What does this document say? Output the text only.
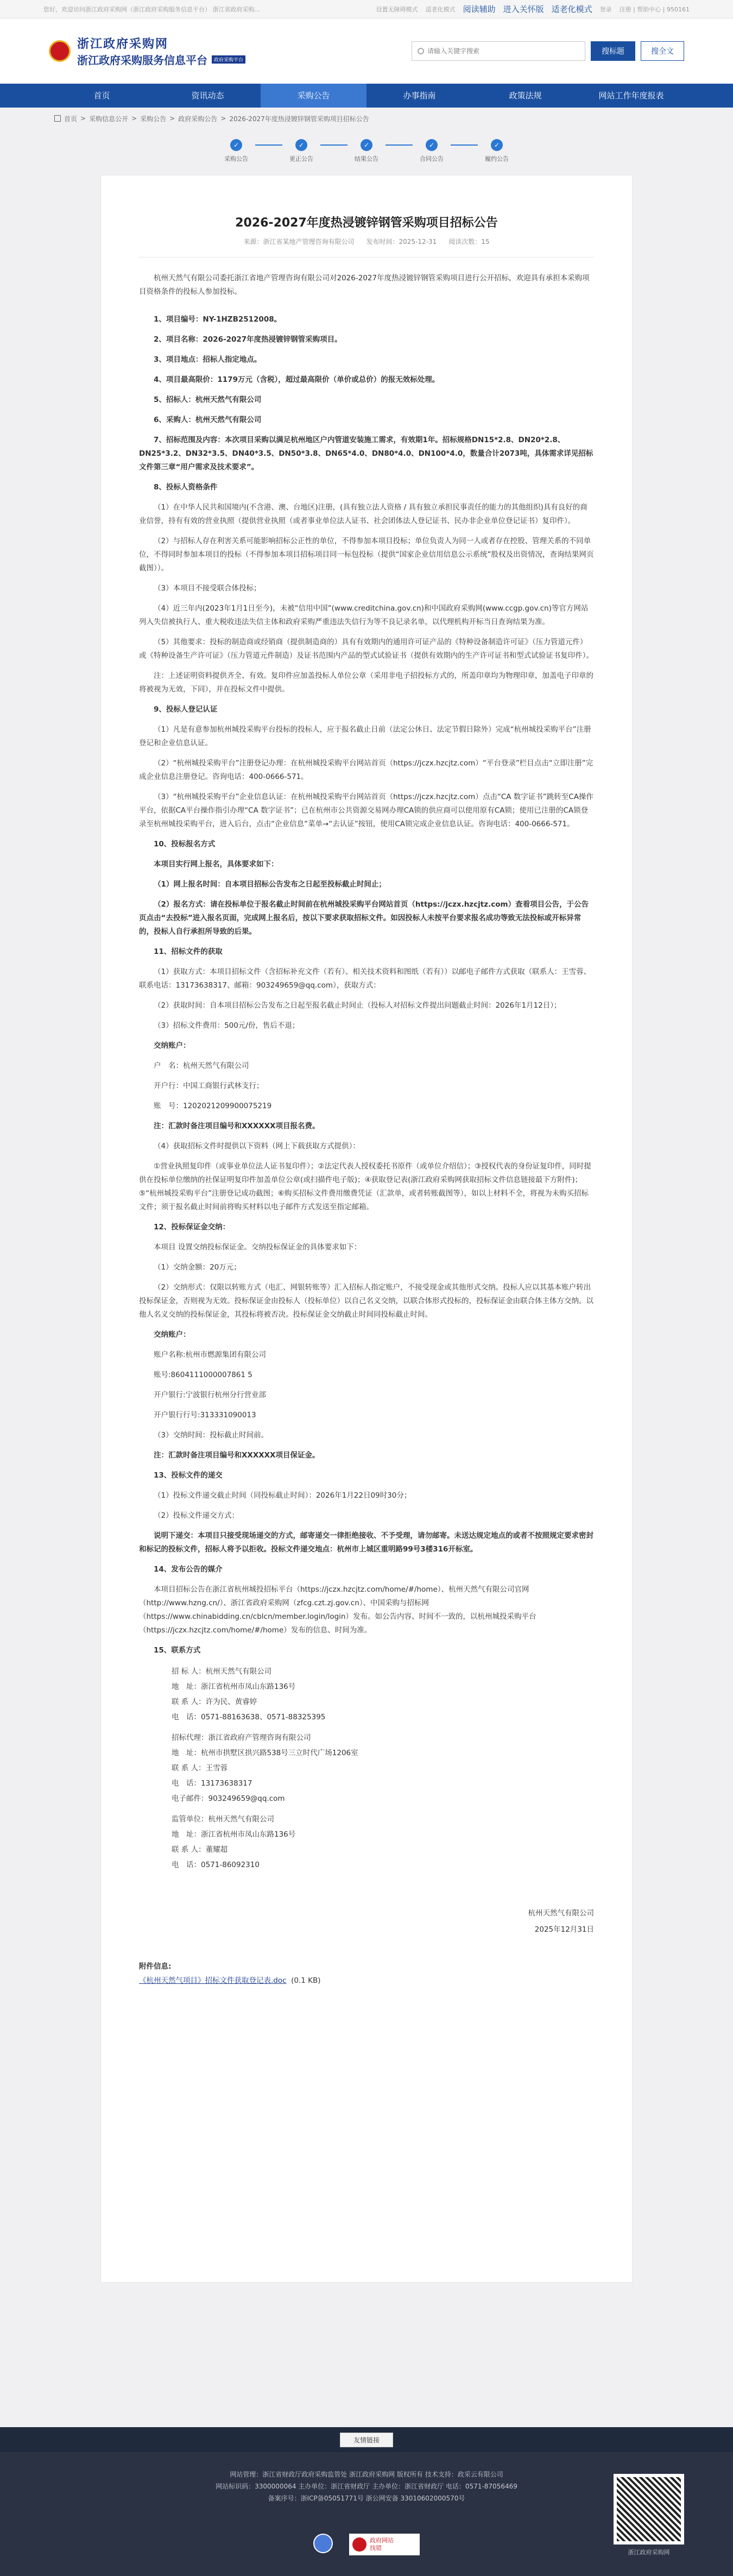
您好，欢迎访问浙江政府采购网（浙江政府采购服务信息平台） 浙江省政府采购...	设置无障碍模式 适老化模式 阅读辅助 进入关怀版 适老化模式 登录 注册 | 帮助中心 | 950161
浙江政府采购网
浙江政府采购服务信息平台	政府采购平台
请输入关键字搜索
搜标题	搜全文
首页	资讯动态	采购公告	办事指南	政策法规	网站工作年度报表
首页 > 采购信息公开 > 采购公告 > 政府采购公告 > 2026-2027年度热浸镀锌钢管采购项目招标公告
✓
采购公告
✓
更正公告
✓
结果公告
✓
合同公告
✓
履约公告
2026-2027年度热浸镀锌钢管采购项目招标公告
来源：浙江省某地产管理咨询有限公司 发布时间：2025-12-31 阅读次数：15

杭州天然气有限公司委托浙江省地产管理咨询有限公司对2026-2027年度热浸镀锌钢管采购项目进行公开招标，欢迎具有承担本采购项目资格条件的投标人参加投标。

1、项目编号：NY-1HZB2512008。

2、项目名称：2026-2027年度热浸镀锌钢管采购项目。

3、项目地点：招标人指定地点。

4、项目最高限价：1179万元（含税），超过最高限价（单价或总价）的报无效标处理。

5、招标人：杭州天然气有限公司

6、采购人：杭州天然气有限公司

7、招标范围及内容：本次项目采购以满足杭州地区户内管道安装施工需求，有效期1年。招标规格DN15*2.8、DN20*2.8、DN25*3.2、DN32*3.5、DN40*3.5、DN50*3.8、DN65*4.0、DN80*4.0、DN100*4.0，数量合计2073吨，具体需求详见招标文件第三章“用户需求及技术要求”。

8、投标人资格条件

（1）在中华人民共和国境内(不含港、澳、台地区)注册，(具有独立法人资格 / 具有独立承担民事责任的能力的其他组织)具有良好的商业信誉，持有有效的营业执照（提供营业执照（或者事业单位法人证书、社会团体法人登记证书、民办非企业单位登记证书）复印件）。

（2）与招标人存在利害关系可能影响招标公正性的单位，不得参加本项目投标；单位负责人为同一人或者存在控股、管理关系的不同单位，不得同时参加本项目的投标（不得参加本项目招标项目同一标包投标（提供“国家企业信用信息公示系统”股权及出资情况，查询结果网页截图））。

（3）本项目不接受联合体投标；

（4）近三年内(2023年1月1日至今)，未被“信用中国”(www.creditchina.gov.cn)和中国政府采购网(www.ccgp.gov.cn)等官方网站列入失信被执行人、重大税收违法失信主体和政府采购严重违法失信行为等不良记录名单，以代理机构开标当日查询结果为准。

（5）其他要求：投标的制造商或经销商（提供制造商的）具有有效期内的通用许可证产品的《特种设备制造许可证》（压力管道元件）或《特种设备生产许可证》（压力管道元件制造）及证书范围内产品的型式试验证书（提供有效期内的生产许可证书和型式试验证书复印件）。

注：上述证明资料提供齐全、有效。复印件应加盖投标人单位公章（采用非电子招投标方式的，所盖印章均为物理印章，加盖电子印章的将被视为无效，下同），并在投标文件中提供。

9、投标人登记认证

（1）凡是有意参加杭州城投采购平台投标的投标人，应于报名截止日前（法定公休日、法定节假日除外）完成“杭州城投采购平台”注册登记和企业信息认证。

（2）“杭州城投采购平台”注册登记办理：在杭州城投采购平台网站首页（https://jczx.hzcjtz.com）“平台登录”栏目点击“立即注册”完成企业信息注册登记。咨询电话：400-0666-571。

（3）“杭州城投采购平台”企业信息认证：在杭州城投采购平台网站首页（https://jczx.hzcjtz.com）点击“CA 数字证书”跳转至CA操作平台，依据CA平台操作指引办理“CA 数字证书”；已在杭州市公共资源交易网办理CA锁的供应商可以使用原有CA锁；使用已注册的CA锁登录至杭州城投采购平台，进入后台，点击“企业信息”菜单→“去认证”按钮，使用CA锁完成企业信息认证。咨询电话：400-0666-571。

10、投标报名方式

本项目实行网上报名，具体要求如下：

（1）网上报名时间：自本项目招标公告发布之日起至投标截止时间止；

（2）报名方式：请在投标单位于报名截止时间前在杭州城投采购平台网站首页（https://jczx.hzcjtz.com）查看项目公告，于公告页点击“去投标”进入报名页面，完成网上报名后，按以下要求获取招标文件。如因投标人未按平台要求报名成功等致无法投标或开标异常的，投标人自行承担所导致的后果。

11、招标文件的获取

（1）获取方式：本项目招标文件（含招标补充文件（若有）、相关技术资料和图纸（若有））以邮电子邮件方式获取（联系人：王雪蓉、联系电话：13173638317、邮箱：903249659@qq.com），获取方式：

（2）获取时间：自本项目招标公告发布之日起至报名截止时间止（投标人对招标文件提出问题截止时间：2026年1月12日）；

（3）招标文件费用：500元/份，售后不退；

交纳账户：

户　名：杭州天然气有限公司

开户行：中国工商银行武林支行；

账　号：1202021209900075219

注：汇款时备注项目编号和XXXXXX项目报名费。

（4）获取招标文件时提供以下资料（网上下载获取方式提供）：

①营业执照复印件（或事业单位法人证书复印件）；②法定代表人授权委托书原件（或单位介绍信）；③授权代表的身份证复印件，同时提供在投标单位缴纳的社保证明复印件加盖单位公章(或扫描件电子版)；④获取登记表(浙江政府采购网获取招标文件信息链接最下方附件)；⑤“杭州城投采购平台”注册登记成功截图；⑥购买招标文件费用缴费凭证（汇款单，或者转账截图等），如以上材料不全，将视为未购买招标文件；须于报名截止时间前将购买材料以电子邮件方式发送至指定邮箱。

12、投标保证金交纳：

本项目 设置交纳投标保证金。交纳投标保证金的具体要求如下：

（1）交纳金额：20万元；

（2）交纳形式：仅限以转账方式（电汇、网银转账等）汇入招标人指定账户，不接受现金或其他形式交纳。投标人应以其基本账户转出投标保证金，否则视为无效。投标保证金由投标人（投标单位）以自己名义交纳，以联合体形式投标的，投标保证金由联合体主体方交纳。以他人名义交纳的投标保证金，其投标将被否决。投标保证金交纳截止时间同投标截止时间。

交纳账户：

账户名称:杭州市燃源集团有限公司

账号:8604111000007861 5

开户银行:宁波银行杭州分行营业部

开户银行行号:313331090013

（3）交纳时间：投标截止时间前。

注：汇款时备注项目编号和XXXXXX项目保证金。

13、投标文件的递交

（1）投标文件递交截止时间（同投标截止时间）：2026年1月22日09时30分；

（2）投标文件递交方式：

说明下递交：本项目只接受现场递交的方式，邮寄递交一律拒绝接收、不予受理，请勿邮寄。未送达规定地点的或者不按照规定要求密封和标记的投标文件，招标人将予以拒收。投标文件递交地点：杭州市上城区重明路99号3楼316开标室。

14、发布公告的媒介

本项目招标公告在浙江省杭州城投招标平台（https://jczx.hzcjtz.com/home/#/home）、杭州天然气有限公司官网（http://www.hzng.cn/）、浙江省政府采购网（zfcg.czt.zj.gov.cn）、中国采购与招标网（https://www.chinabidding.cn/cblcn/member.login/login）发布。如公告内容、时间不一致的，以杭州城投采购平台（https://jczx.hzcjtz.com/home/#/home）发布的信息、时间为准。

15、联系方式

招 标 人：杭州天然气有限公司
地　址：浙江省杭州市凤山东路136号
联 系 人：许为民、黄睿婷
电　话：0571-88163638、0571-88325395
招标代理：浙江省政府产管理咨询有限公司
地　址：杭州市拱墅区拱兴路538号三立时代广场1206室
联 系 人：王雪蓉
电　话：13173638317
电子邮件：903249659@qq.com
监管单位：杭州天然气有限公司
地　址：浙江省杭州市凤山东路136号
联 系 人：董耀超
电　话：0571-86092310
杭州天然气有限公司
2025年12月31日
附件信息:
《杭州天然气项目》招标文件获取登记表.doc (0.1 KB)
友情链接
网站管理：浙江省财政厅政府采购监管处 浙江政府采购网 版权所有 技术支持：政采云有限公司
网站标识码：3300000064 主办单位：浙江省财政厅 主办单位：浙江省财政厅 电话：0571-87056469
备案序号：浙ICP备05051771号 浙公网安备 33010602000570号
政府网站
找错
浙江政府采购网
